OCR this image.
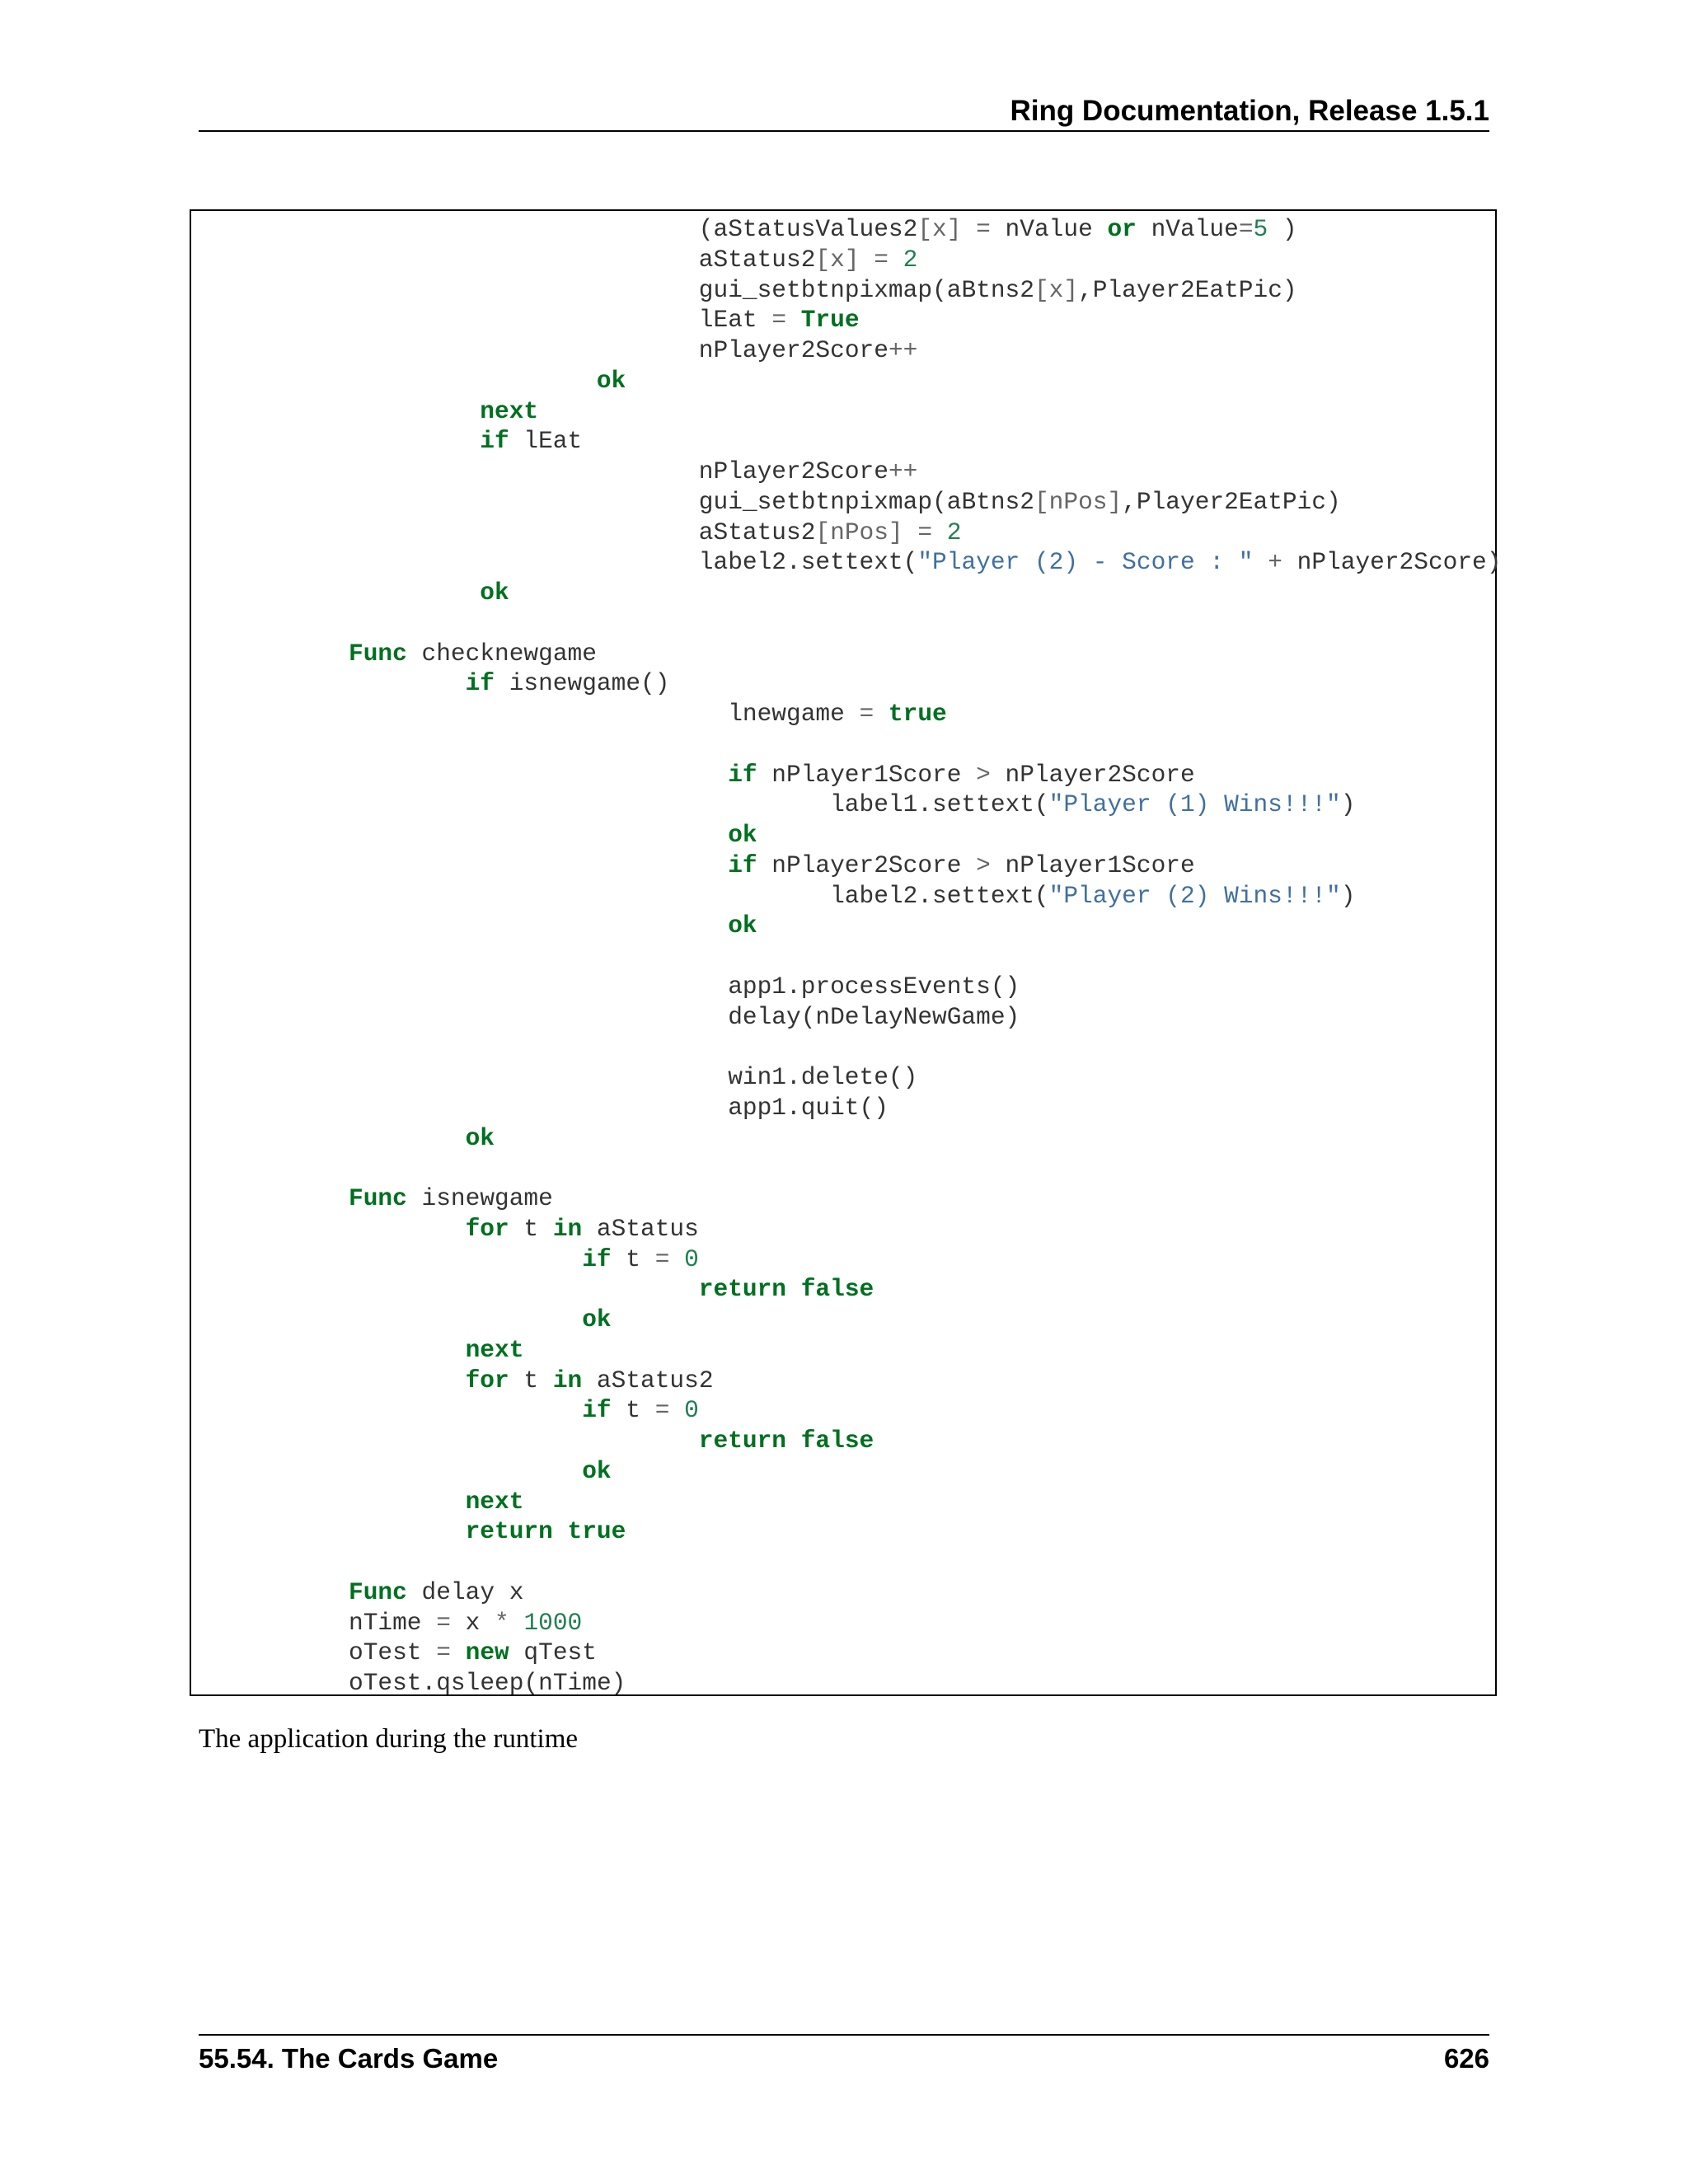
Ring Documentation, Release 1.5.1
(aStatusValues2[x] = nValue or nValue=5 )
aStatus2[x] = 2
gui_setbtnpixmap(aBtns2[x],Player2EatPic)
lEat = True
nPlayer2Score++
ok
next
if lEat
nPlayer2Score++
gui_setbtnpixmap(aBtns2[nPos],Player2EatPic)
aStatus2[nPos] = 2
label2.settext("Player (2) - Score : " + nPlayer2Score)
ok
Func checknewgame
if isnewgame()
lnewgame = true
if nPlayer1Score > nPlayer2Score
label1.settext("Player (1) Wins!!!")
ok
if nPlayer2Score > nPlayer1Score
label2.settext("Player (2) Wins!!!")
ok
app1.processEvents()
delay(nDelayNewGame)
win1.delete()
app1.quit()
ok
Func isnewgame
for t in aStatus
if t = 0
return false
ok
next
for t in aStatus2
if t = 0
return false
ok
next
return true
Func delay x
nTime = x * 1000
oTest = new qTest
oTest.qsleep(nTime)
The application during the runtime
55.54. The Cards Game	626
